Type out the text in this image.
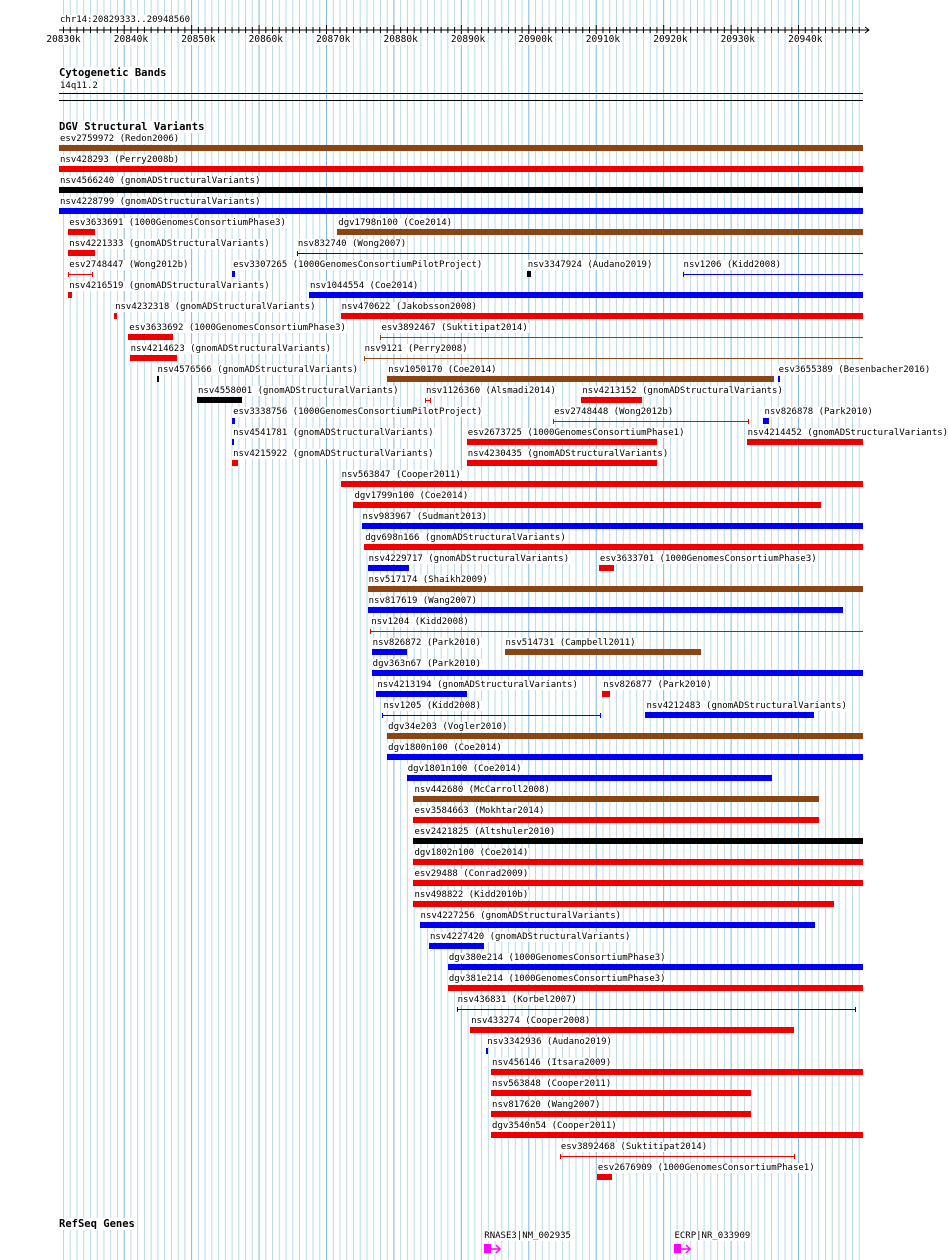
chr14:20829333..20948560
20830k	20840k	20850k	20860k	20870k	20880k	20890k	20900k	20910k	20920k	20930k	20940k
Cytogenetic Bands
14q11.2
DGV Structural Variants
esv2759972 (Redon2006)
nsv428293 (Perry2008b)
nsv4566240 (gnomADStructuralVariants)
nsv4228799 (gnomADStructuralVariants)
esv3633691 (1000GenomesConsortiumPhase3)	dgv1798n100 (Coe2014)
nsv4221333 (gnomADStructuralVariants)	nsv832740 (Wong2007)
esv2748447 (Wong2012b)	esv3307265 (1000GenomesConsortiumPilotProject)	nsv3347924 (Audano2019)	nsv1206 (Kidd2008)
nsv4216519 (gnomADStructuralVariants)	nsv1044554 (Coe2014)
nsv4232318 (gnomADStructuralVariants)	nsv470622 (Jakobsson2008)
esv3633692 (1000GenomesConsortiumPhase3)	esv3892467 (Suktitipat2014)
nsv4214623 (gnomADStructuralVariants)	nsv9121 (Perry2008)
nsv4576566 (gnomADStructuralVariants)	nsv1050170 (Coe2014)	esv3655389 (Besenbacher2016)
nsv4558001 (gnomADStructuralVariants)	nsv1126360 (Alsmadi2014)	nsv4213152 (gnomADStructuralVariants)
esv3338756 (1000GenomesConsortiumPilotProject)	esv2748448 (Wong2012b)	nsv826878 (Park2010)
nsv4541781 (gnomADStructuralVariants)	esv2673725 (1000GenomesConsortiumPhase1)	nsv4214452 (gnomADStructuralVariants)
nsv4215922 (gnomADStructuralVariants)	nsv4230435 (gnomADStructuralVariants)
nsv563847 (Cooper2011)
dgv1799n100 (Coe2014)
nsv983967 (Sudmant2013)
dgv698n166 (gnomADStructuralVariants)
nsv4229717 (gnomADStructuralVariants)	esv3633701 (1000GenomesConsortiumPhase3)
nsv517174 (Shaikh2009)
nsv817619 (Wang2007)
nsv1204 (Kidd2008)
nsv826872 (Park2010)	nsv514731 (Campbell2011)
dgv363n67 (Park2010)
nsv4213194 (gnomADStructuralVariants)	nsv826877 (Park2010)
nsv1205 (Kidd2008)	nsv4212483 (gnomADStructuralVariants)
dgv34e203 (Vogler2010)
dgv1800n100 (Coe2014)
dgv1801n100 (Coe2014)
nsv442680 (McCarroll2008)
esv3584663 (Mokhtar2014)
esv2421825 (Altshuler2010)
dgv1802n100 (Coe2014)
esv29488 (Conrad2009)
nsv498822 (Kidd2010b)
nsv4227256 (gnomADStructuralVariants)
nsv4227420 (gnomADStructuralVariants)
dgv380e214 (1000GenomesConsortiumPhase3)
dgv381e214 (1000GenomesConsortiumPhase3)
nsv436831 (Korbel2007)
nsv433274 (Cooper2008)
nsv3342936 (Audano2019)
nsv456146 (Itsara2009)
nsv563848 (Cooper2011)
nsv817620 (Wang2007)
dgv3540n54 (Cooper2011)
esv3892468 (Suktitipat2014)
esv2676909 (1000GenomesConsortiumPhase1)
RefSeq Genes
RNASE3|NM_002935	ECRP|NR_033909
